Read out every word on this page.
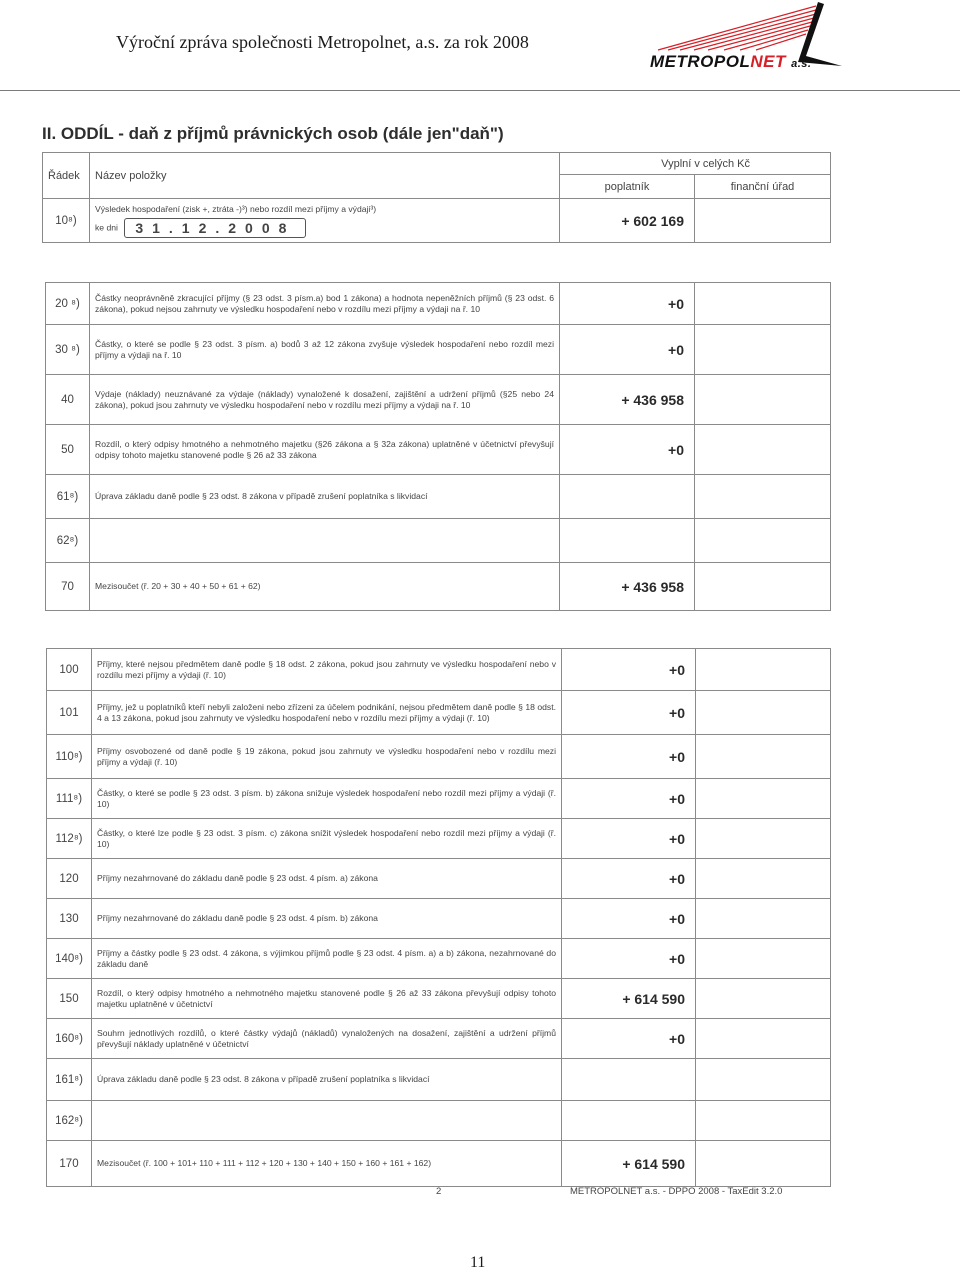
Výroční zpráva společnosti Metropolnet, a.s. za rok 2008
METROPOLNET a.s.
II. ODDÍL - daň z příjmů právnických osob (dále jen"daň")
Řádek	Název položky	Vyplní v celých Kč	
		poplatník	finanční úřad
10⁸)	Výsledek hospodaření (zisk +, ztráta -)³) nebo rozdíl mezi příjmy a výdaji³)
ke dni 31.12.2008	+ 602 169	
20 ⁸)	Částky neoprávněně zkracující příjmy (§ 23 odst. 3 písm.a) bod 1 zákona) a hodnota nepeněžních příjmů (§ 23 odst. 6 zákona), pokud nejsou zahrnuty ve výsledku hospodaření nebo v rozdílu mezi příjmy a výdaji na ř. 10	+0	
30 ⁸)	Částky, o které se podle § 23 odst. 3 písm. a) bodů 3 až 12 zákona zvyšuje výsledek hospodaření nebo rozdíl mezi příjmy a výdaji na ř. 10	+0	
40	Výdaje (náklady) neuznávané za výdaje (náklady) vynaložené k dosažení, zajištění a udržení příjmů (§25 nebo 24 zákona), pokud jsou zahrnuty ve výsledku hospodaření nebo v rozdílu mezi příjmy a výdaji na ř. 10	+ 436 958	
50	Rozdíl, o který odpisy hmotného a nehmotného majetku (§26 zákona a § 32a zákona) uplatněné v účetnictví převyšují odpisy tohoto majetku stanovené podle § 26 až 33 zákona	+0	
61⁸)	Úprava základu daně podle § 23 odst. 8 zákona v případě zrušení poplatníka s likvidací		
62⁸)			
70	Mezisoučet (ř. 20 + 30 + 40 + 50 + 61 + 62)	+ 436 958	
100	Příjmy, které nejsou předmětem daně podle § 18 odst. 2 zákona, pokud jsou zahrnuty ve výsledku hospodaření nebo v rozdílu mezi příjmy a výdaji (ř. 10)	+0	
101	Příjmy, jež u poplatníků kteří nebyli založeni nebo zřízeni za účelem podnikání, nejsou předmětem daně podle § 18 odst. 4 a 13 zákona, pokud jsou zahrnuty ve výsledku hospodaření nebo v rozdílu mezi příjmy a výdaji (ř. 10)	+0	
110⁸)	Příjmy osvobozené od daně podle § 19 zákona, pokud jsou zahrnuty ve výsledku hospodaření nebo v rozdílu mezi příjmy a výdaji (ř. 10)	+0	
111⁸)	Částky, o které se podle § 23 odst. 3 písm. b) zákona snižuje výsledek hospodaření nebo rozdíl mezi příjmy a výdaji (ř. 10)	+0	
112⁸)	Částky, o které lze podle § 23 odst. 3 písm. c) zákona snížit výsledek hospodaření nebo rozdíl mezi příjmy a výdaji (ř. 10)	+0	
120	Příjmy nezahrnované do základu daně podle § 23 odst. 4 písm. a) zákona	+0	
130	Příjmy nezahrnované do základu daně podle § 23 odst. 4 písm. b) zákona	+0	
140⁸)	Příjmy a částky podle § 23 odst. 4 zákona, s výjimkou příjmů podle § 23 odst. 4 písm. a) a b) zákona, nezahrnované do základu daně	+0	
150	Rozdíl, o který odpisy hmotného a nehmotného majetku stanovené podle § 26 až 33 zákona převyšují odpisy tohoto majetku uplatněné v účetnictví	+ 614 590	
160⁸)	Souhrn jednotlivých rozdílů, o které částky výdajů (nákladů) vynaložených na dosažení, zajištění a udržení příjmů převyšují náklady uplatněné v účetnictví	+0	
161⁸)	Úprava základu daně podle § 23 odst. 8 zákona v případě zrušení poplatníka s likvidací		
162⁸)			
170	Mezisoučet (ř. 100 + 101+ 110 + 111 + 112 + 120 + 130 + 140 + 150 + 160 + 161 + 162)	+ 614 590	
2	METROPOLNET a.s. - DPPO 2008 - TaxEdit 3.2.0
11
